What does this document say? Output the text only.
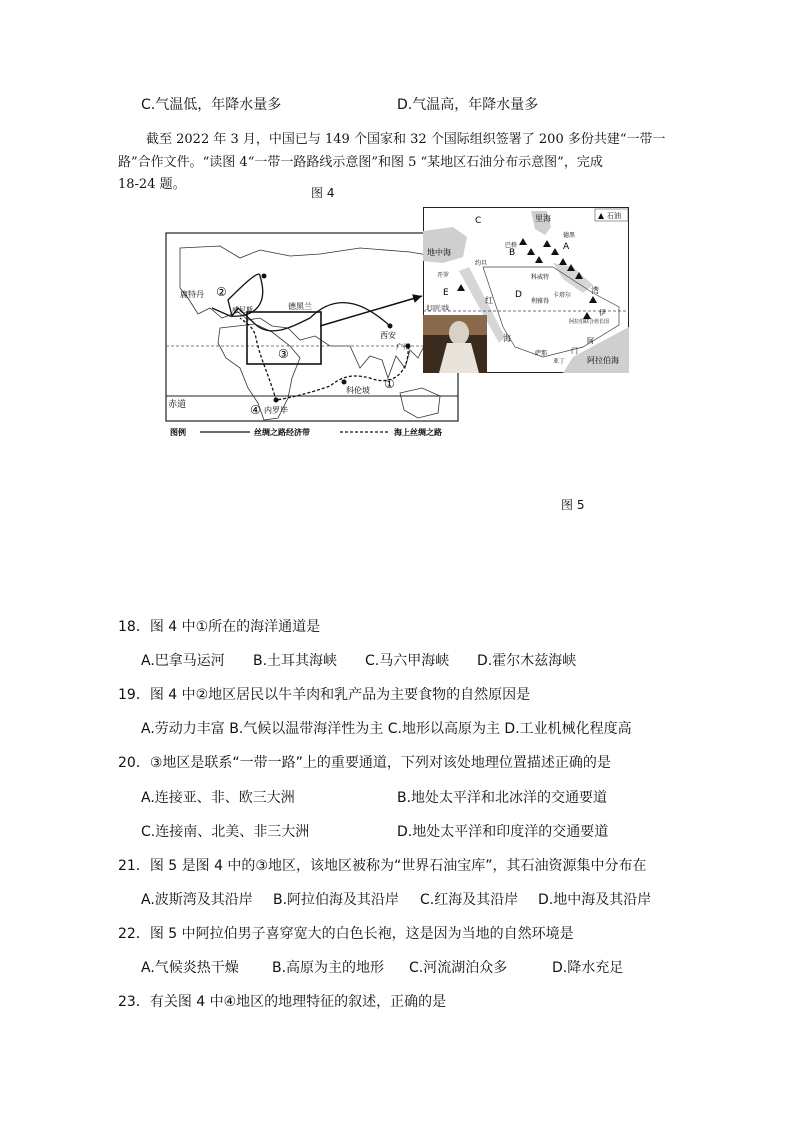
C.气温低，年降水量多	D.气温高，年降水量多
截至 2022 年 3 月，中国已与 149 个国家和 32 个国际组织签署了 200 多份共建“一带一
路”合作文件。“读图 4“一带一路路线示意图”和图 5 “某地区石油分布示意图”，完成
18-24 题。
图 4
赤道
鹿特丹
威尼斯	德黑兰
西安
广州
科伦坡
内罗毕
①
②
③
④
图例	丝绸之路经济带	海上丝绸之路
地中海
里海
红
海
湾
阿拉伯海
北回归线
C
A
B
D
E
德黑
巴格
科威特
卡塔尔
开罗
利雅得
阿拉伯联合酋长国
亚丁
萨那
阿
门
约旦
伊
石油
图 5
18．图 4 中①所在的海洋通道是
A.巴拿马运河 B.土耳其海峡 C.马六甲海峡 D.霍尔木兹海峡
19．图 4 中②地区居民以牛羊肉和乳产品为主要食物的自然原因是
A.劳动力丰富 B.气候以温带海洋性为主 C.地形以高原为主 D.工业机械化程度高
20．③地区是联系“一带一路”上的重要通道，下列对该处地理位置描述正确的是
A.连接亚、非、欧三大洲	B.地处太平洋和北冰洋的交通要道
C.连接南、北美、非三大洲	D.地处太平洋和印度洋的交通要道
21．图 5 是图 4 中的③地区，该地区被称为“世界石油宝库”，其石油资源集中分布在
A.波斯湾及其沿岸 B.阿拉伯海及其沿岸 C.红海及其沿岸 D.地中海及其沿岸
22．图 5 中阿拉伯男子喜穿宽大的白色长袍，这是因为当地的自然环境是
A.气候炎热干燥 B.高原为主的地形 C.河流湖泊众多	D.降水充足
23．有关图 4 中④地区的地理特征的叙述，正确的是
